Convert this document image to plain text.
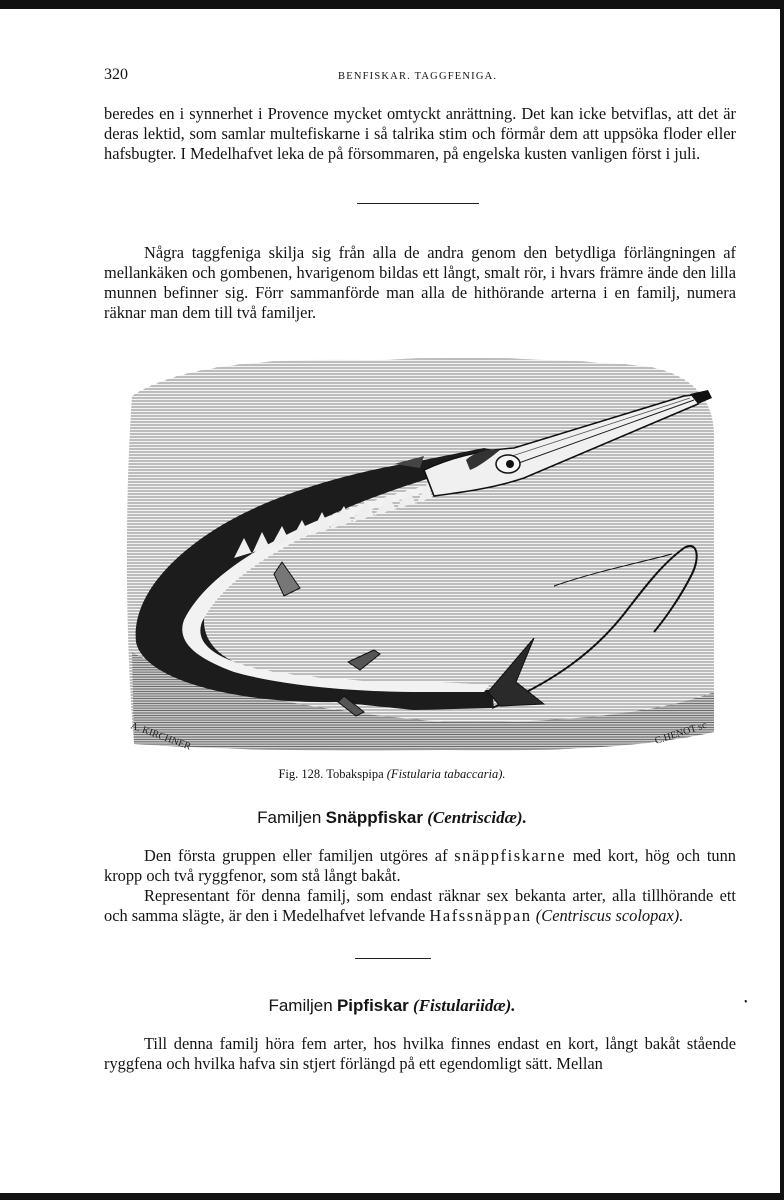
320	BENFISKAR. TAGGFENIGA.

beredes en i synnerhet i Provence mycket omtyckt anrättning. Det kan icke betviflas, att det är deras lektid, som samlar multefiskarne i så talrika stim och förmår dem att uppsöka floder eller hafsbugter. I Medelhafvet leka de på försommaren, på engelska kusten vanligen först i juli.

Några taggfeniga skilja sig från alla de andra genom den betydliga förlängningen af mellankäken och gombenen, hvarigenom bildas ett långt, smalt rör, i hvars främre ände den lilla munnen befinner sig. Förr sammanförde man alla de hithörande arterna i en familj, numera räknar man dem till två familjer.

A. KIRCHNER	C.HENOT sc
Fig. 128. Tobakspipa (Fistularia tabaccaria).
Familjen Snäppfiskar (Centriscidæ).

Den första gruppen eller familjen utgöres af snäppfiskarne med kort, hög och tunn kropp och två ryggfenor, som stå långt bakåt.

Representant för denna familj, som endast räknar sex bekanta arter, alla tillhörande ett och samma slägte, är den i Medelhafvet lefvande Hafssnäppan (Centriscus scolopax).

Familjen Pipfiskar (Fistulariidæ).	•

Till denna familj höra fem arter, hos hvilka finnes endast en kort, långt bakåt stående ryggfena och hvilka hafva sin stjert förlängd på ett egendomligt sätt. Mellan
